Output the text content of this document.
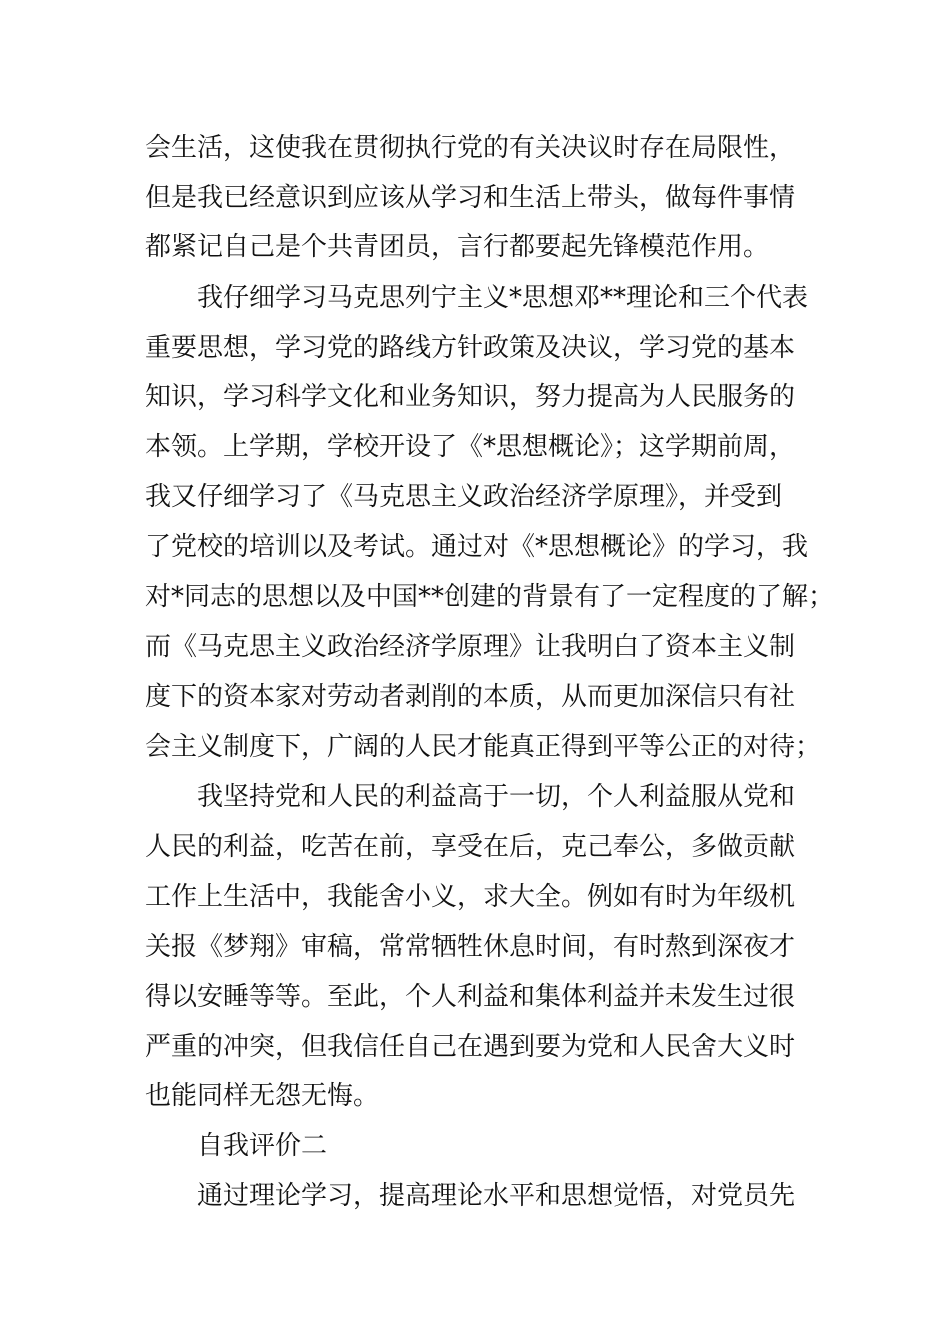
会生活，这使我在贯彻执行党的有关决议时存在局限性，
但是我已经意识到应该从学习和生活上带头，做每件事情
都紧记自己是个共青团员，言行都要起先锋模范作用。
我仔细学习马克思列宁主义*思想邓**理论和三个代表
重要思想，学习党的路线方针政策及决议，学习党的基本
知识，学习科学文化和业务知识，努力提高为人民服务的
本领。上学期，学校开设了《*思想概论》；这学期前周，
我又仔细学习了《马克思主义政治经济学原理》，并受到
了党校的培训以及考试。通过对《*思想概论》的学习，我
对*同志的思想以及中国**创建的背景有了一定程度的了解；
而《马克思主义政治经济学原理》让我明白了资本主义制
度下的资本家对劳动者剥削的本质，从而更加深信只有社
会主义制度下，广阔的人民才能真正得到平等公正的对待；
我坚持党和人民的利益高于一切，个人利益服从党和
人民的利益，吃苦在前，享受在后，克己奉公，多做贡献
工作上生活中，我能舍小义，求大全。例如有时为年级机
关报《梦翔》审稿，常常牺牲休息时间，有时熬到深夜才
得以安睡等等。至此，个人利益和集体利益并未发生过很
严重的冲突，但我信任自己在遇到要为党和人民舍大义时
也能同样无怨无悔。
自我评价二
通过理论学习，提高理论水平和思想觉悟，对党员先
